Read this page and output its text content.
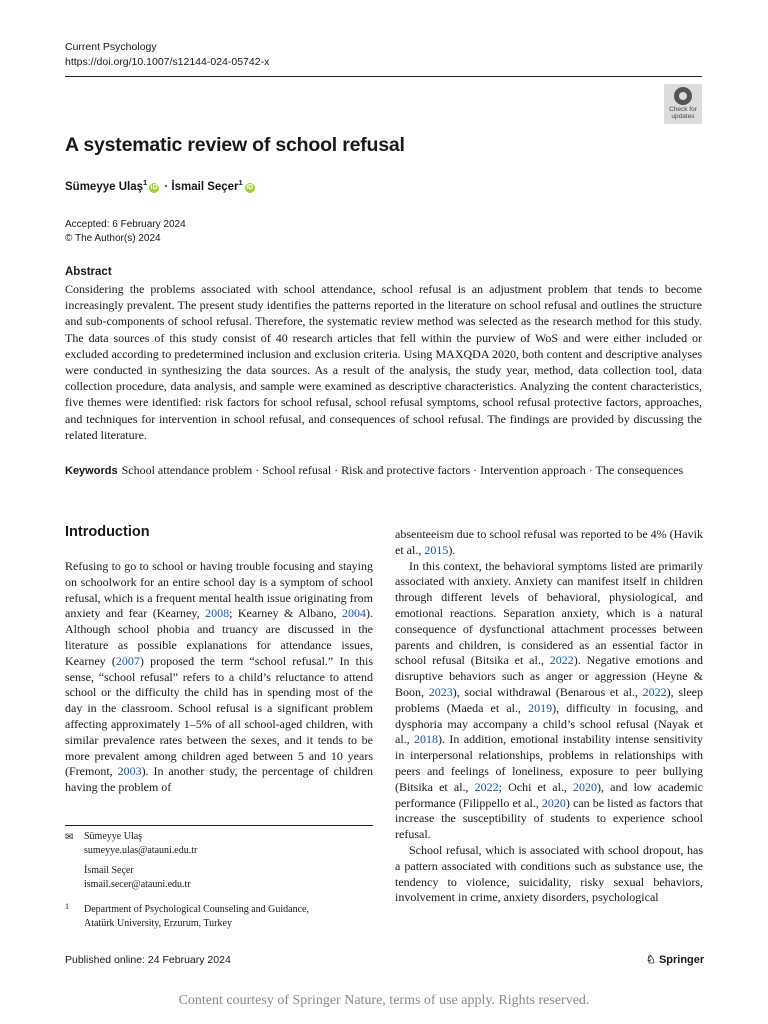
Current Psychology
https://doi.org/10.1007/s12144-024-05742-x
Check for
updates
A systematic review of school refusal
Sümeyye Ulaş$^1$iD · İsmail Seçer$^1$iD
Accepted: 6 February 2024
© The Author(s) 2024
Abstract
Considering the problems associated with school attendance, school refusal is an adjustment problem that tends to become increasingly prevalent. The present study identifies the patterns reported in the literature on school refusal and outlines the structure and sub-components of school refusal. Therefore, the systematic review method was selected as the research method for this study. The data sources of this study consist of 40 research articles that fell within the purview of WoS and were either included or excluded according to predetermined inclusion and exclusion criteria. Using MAXQDA 2020, both content and descriptive analyses were conducted in synthesizing the data sources. As a result of the analysis, the study year, method, data collection tool, data collection procedure, data analysis, and sample were examined as descriptive characteristics. Analyzing the content characteristics, five themes were identified: risk factors for school refusal, school refusal symptoms, school refusal protective factors, approaches, and techniques for intervention in school refusal, and consequences of school refusal. The findings are provided by discussing the related literature.
Keywords School attendance problem · School refusal · Risk and protective factors · Intervention approach · The consequences
Introduction

Refusing to go to school or having trouble focusing and staying on schoolwork for an entire school day is a symptom of school refusal, which is a frequent mental health issue originating from anxiety and fear (Kearney, 2008; Kearney & Albano, 2004). Although school phobia and truancy are discussed in the literature as possible explanations for attendance issues, Kearney (2007) proposed the term “school refusal.” In this sense, “school refusal” refers to a child’s reluctance to attend school or the difficulty the child has in spending most of the day in the classroom. School refusal is a significant problem affecting approximately 1–5% of all school-aged children, with similar prevalence rates between the sexes, and it tends to be more prevalent among children aged between 5 and 10 years (Fremont, 2003). In another study, the percentage of children having the problem of

absenteeism due to school refusal was reported to be 4% (Havik et al., 2015).

In this context, the behavioral symptoms listed are primarily associated with anxiety. Anxiety can manifest itself in children through different levels of behavioral, physiological, and emotional reactions. Separation anxiety, which is a natural consequence of dysfunctional attachment processes between parents and children, is considered as an essential factor in school refusal (Bitsika et al., 2022). Negative emotions and disruptive behaviors such as anger or aggression (Heyne & Boon, 2023), social withdrawal (Benarous et al., 2022), sleep problems (Maeda et al., 2019), difficulty in focusing, and dysphoria may accompany a child’s school refusal (Nayak et al., 2018). In addition, emotional instability intense sensitivity in interpersonal relationships, problems in relationships with peers and feelings of loneliness, exposure to peer bullying (Bitsika et al., 2022; Ochi et al., 2020), and low academic performance (Filippello et al., 2020) can be listed as factors that increase the susceptibility of students to experience school refusal.

School refusal, which is associated with school dropout, has a pattern associated with conditions such as substance use, the tendency to violence, suicidality, risky sexual behaviors, involvement in crime, anxiety disorders, psychological

✉ Sümeyye Ulaş
sumeyye.ulas@atauni.edu.tr
İsmail Seçer
ismail.secer@atauni.edu.tr
1	Department of Psychological Counseling and Guidance,
Atatürk University, Erzurum, Turkey
Published online: 24 February 2024	♘ Springer
Content courtesy of Springer Nature, terms of use apply. Rights reserved.
